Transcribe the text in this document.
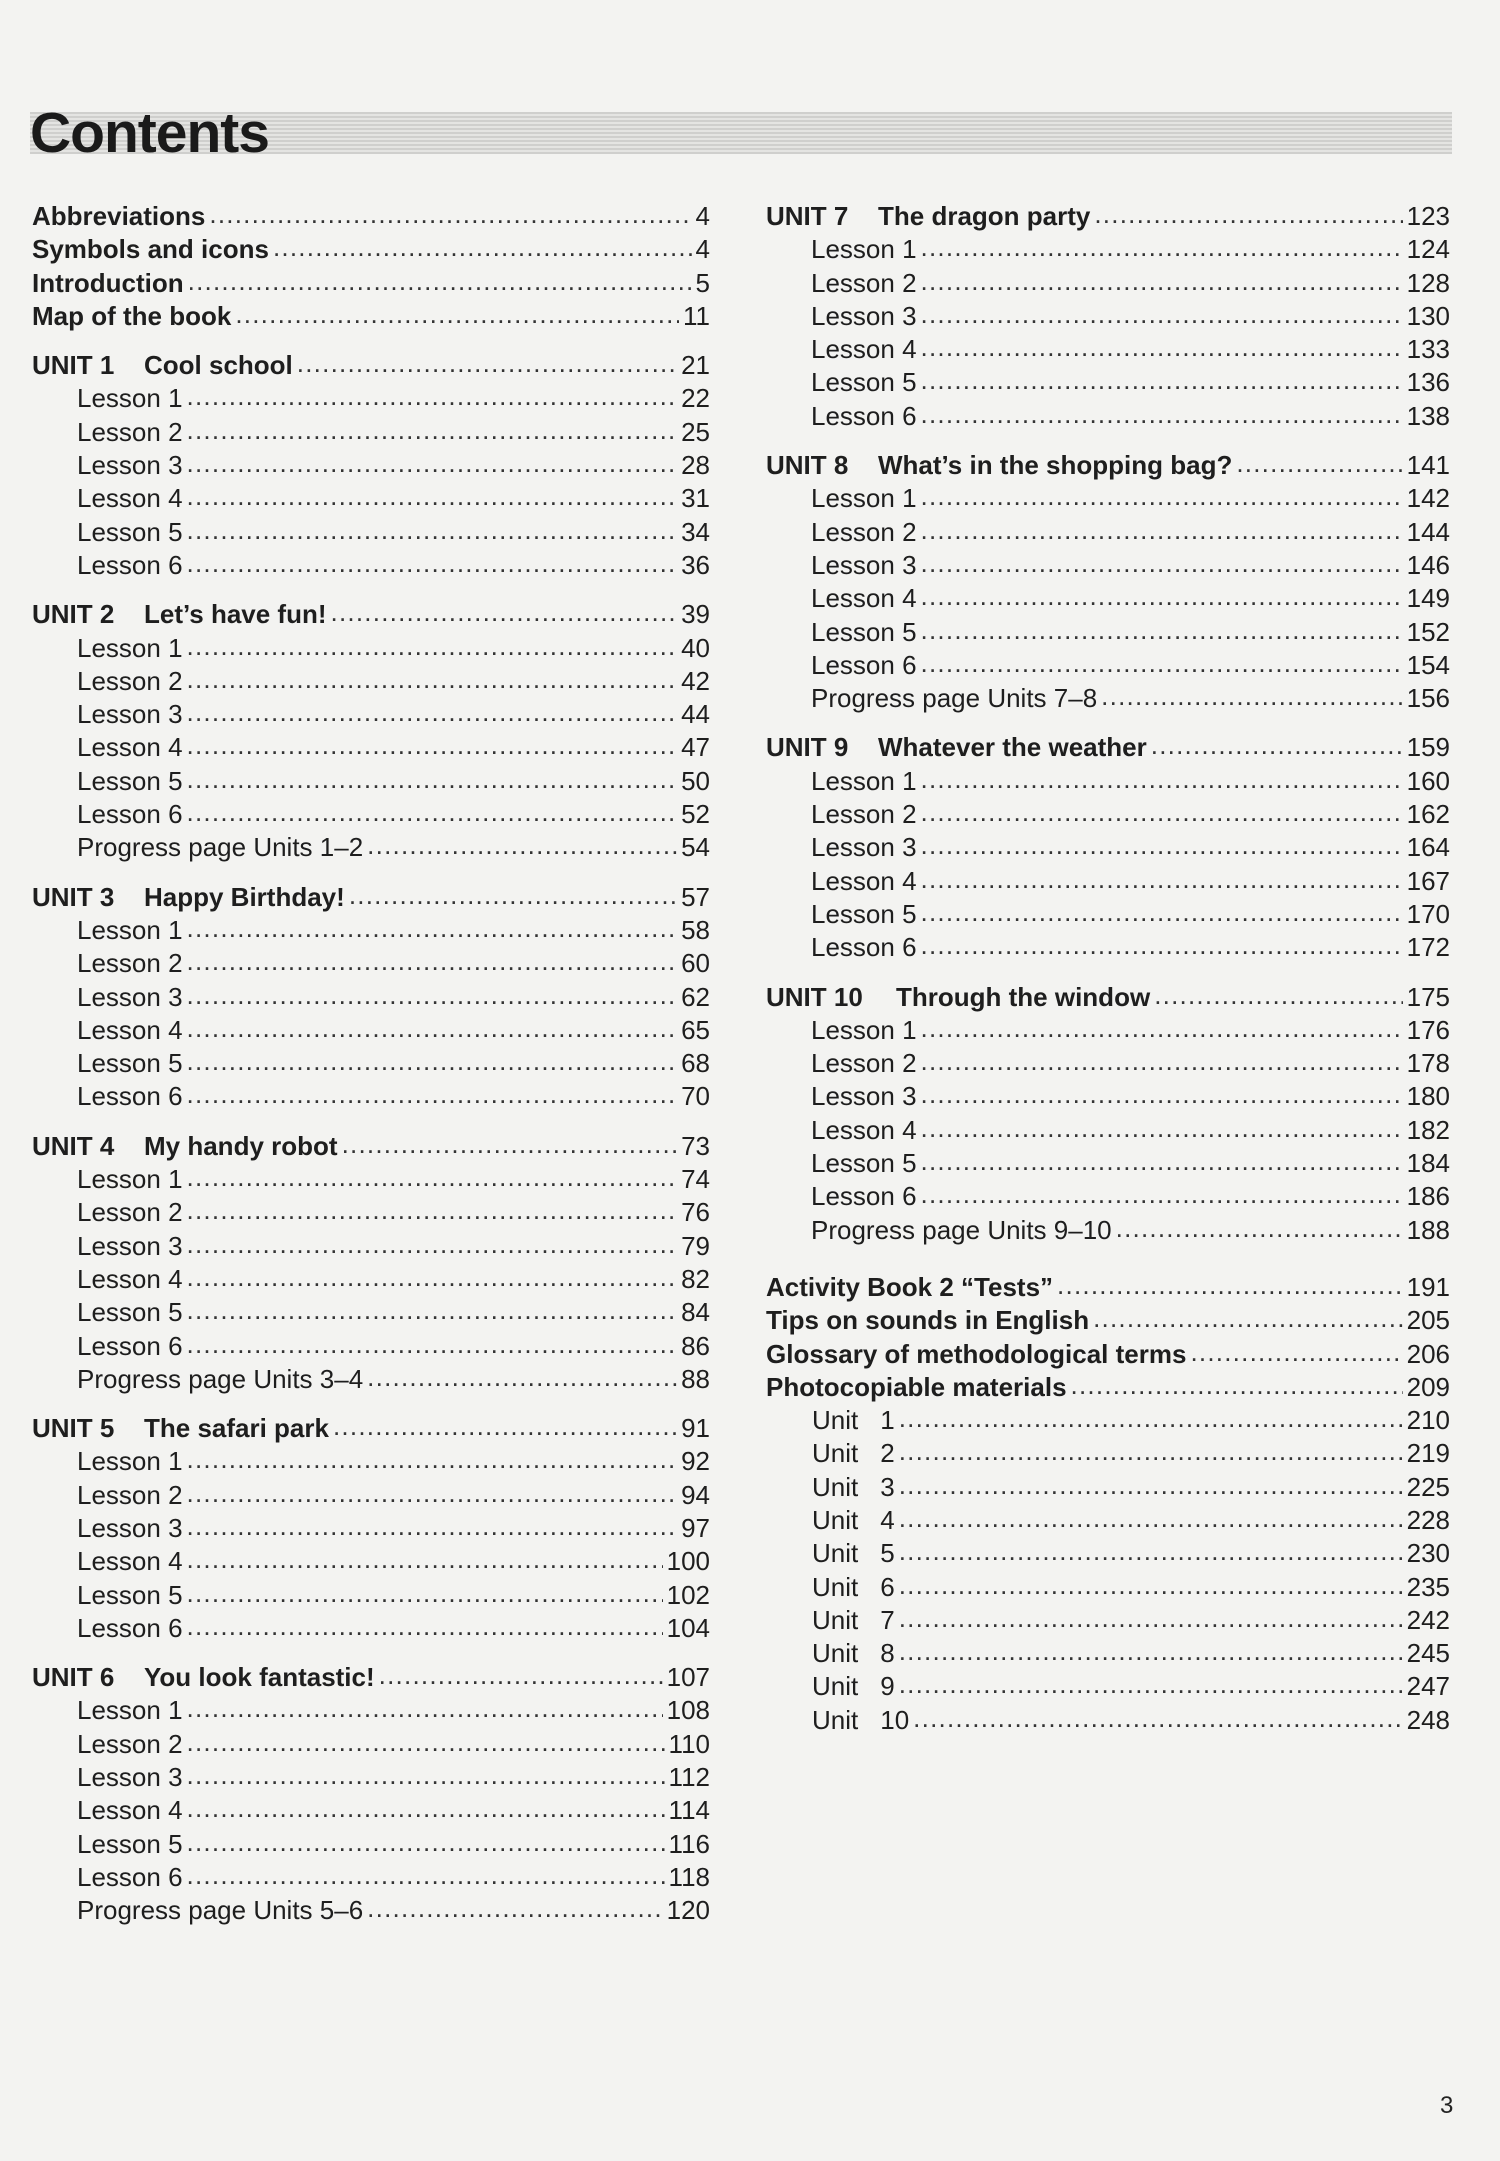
Contents
Abbreviations . . .	4
Symbols and icons . . .	4
Introduction . . .	5
Map of the book . . .	11
UNIT 1 Cool school . . .	21
Lesson 1 . . .	22
Lesson 2 . . .	25
Lesson 3 . . .	28
Lesson 4 . . .	31
Lesson 5 . . .	34
Lesson 6 . . .	36
UNIT 2 Let’s have fun! . . .	39
Lesson 1 . . .	40
Lesson 2 . . .	42
Lesson 3 . . .	44
Lesson 4 . . .	47
Lesson 5 . . .	50
Lesson 6 . . .	52
Progress page Units 1–2 . . .	54
UNIT 3 Happy Birthday! . . .	57
Lesson 1 . . .	58
Lesson 2 . . .	60
Lesson 3 . . .	62
Lesson 4 . . .	65
Lesson 5 . . .	68
Lesson 6 . . .	70
UNIT 4 My handy robot . . .	73
Lesson 1 . . .	74
Lesson 2 . . .	76
Lesson 3 . . .	79
Lesson 4 . . .	82
Lesson 5 . . .	84
Lesson 6 . . .	86
Progress page Units 3–4 . . .	88
UNIT 5 The safari park . . .	91
Lesson 1 . . .	92
Lesson 2 . . .	94
Lesson 3 . . .	97
Lesson 4 . . .	100
Lesson 5 . . .	102
Lesson 6 . . .	104
UNIT 6 You look fantastic! . . .	107
Lesson 1 . . .	108
Lesson 2 . . .	110
Lesson 3 . . .	112
Lesson 4 . . .	114
Lesson 5 . . .	116
Lesson 6 . . .	118
Progress page Units 5–6 . . .	120
UNIT 7 The dragon party . . .	123
Lesson 1 . . .	124
Lesson 2 . . .	128
Lesson 3 . . .	130
Lesson 4 . . .	133
Lesson 5 . . .	136
Lesson 6 . . .	138
UNIT 8 What’s in the shopping bag? . . .	141
Lesson 1 . . .	142
Lesson 2 . . .	144
Lesson 3 . . .	146
Lesson 4 . . .	149
Lesson 5 . . .	152
Lesson 6 . . .	154
Progress page Units 7–8 . . .	156
UNIT 9 Whatever the weather . . .	159
Lesson 1 . . .	160
Lesson 2 . . .	162
Lesson 3 . . .	164
Lesson 4 . . .	167
Lesson 5 . . .	170
Lesson 6 . . .	172
UNIT 10 Through the window . . .	175
Lesson 1 . . .	176
Lesson 2 . . .	178
Lesson 3 . . .	180
Lesson 4 . . .	182
Lesson 5 . . .	184
Lesson 6 . . .	186
Progress page Units 9–10 . . .	188
Activity Book 2 “Tests” . . .	191
Tips on sounds in English . . .	205
Glossary of methodological terms . . .	206
Photocopiable materials . . .	209
Unit 1 . . .	210
Unit 2 . . .	219
Unit 3 . . .	225
Unit 4 . . .	228
Unit 5 . . .	230
Unit 6 . . .	235
Unit 7 . . .	242
Unit 8 . . .	245
Unit 9 . . .	247
Unit 10 . . .	248
3
